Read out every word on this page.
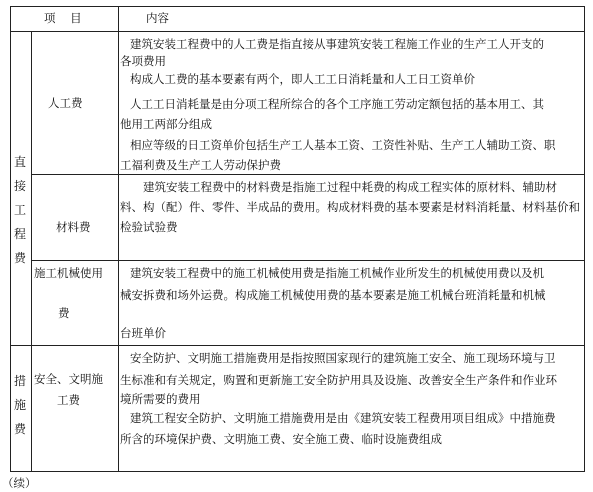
项    目	内容
直接工程费
措施费
人工费
建筑安装工程费中的人工费是指直接从事建筑安装工程施工作业的生产工人开支的
各项费用
构成人工费的基本要素有两个，即人工工日消耗量和人工日工资单价
人工工日消耗量是由分项工程所综合的各个工序施工劳动定额包括的基本用工、其
他用工两部分组成
相应等级的日工资单价包括生产工人基本工资、工资性补贴、生产工人辅助工资、职
工福利费及生产工人劳动保护费
材料费
建筑安装工程费中的材料费是指施工过程中耗费的构成工程实体的原材料、辅助材
料、构（配）件、零件、半成品的费用。构成材料费的基本要素是材料消耗量、材料基价和
检验试验费
施工机械使用
费
建筑安装工程费中的施工机械使用费是指施工机械作业所发生的机械使用费以及机
械安拆费和场外运费。构成施工机械使用费的基本要素是施工机械台班消耗量和机械
台班单价
安全、文明施
工费
安全防护、文明施工措施费用是指按照国家现行的建筑施工安全、施工现场环境与卫
生标准和有关规定，购置和更新施工安全防护用具及设施、改善安全生产条件和作业环
境所需要的费用
建筑工程安全防护、文明施工措施费用是由《建筑安装工程费用项目组成》中措施费
所含的环境保护费、文明施工费、安全施工费、临时设施费组成
（续）
